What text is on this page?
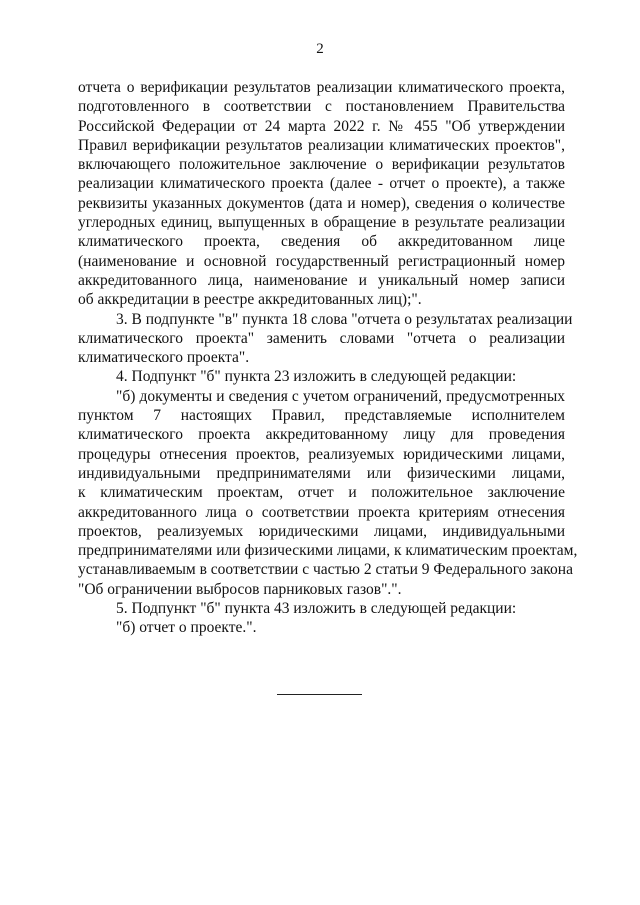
2

отчета о верификации результатов реализации климатического проекта,
подготовленного в соответствии с постановлением Правительства
Российской Федерации от 24 марта 2022 г. № 455 "Об утверждении
Правил верификации результатов реализации климатических проектов",
включающего положительное заключение о верификации результатов
реализации климатического проекта (далее - отчет о проекте), а также
реквизиты указанных документов (дата и номер), сведения о количестве
углеродных единиц, выпущенных в обращение в результате реализации
климатического проекта, сведения об аккредитованном лице
(наименование и основной государственный регистрационный номер
аккредитованного лица, наименование и уникальный номер записи
об аккредитации в реестре аккредитованных лиц);".

3. В подпункте "в" пункта 18 слова "отчета о результатах реализации
климатического проекта" заменить словами "отчета о реализации
климатического проекта".

4. Подпункт "б" пункта 23 изложить в следующей редакции:

"б) документы и сведения с учетом ограничений, предусмотренных
пунктом 7 настоящих Правил, представляемые исполнителем
климатического проекта аккредитованному лицу для проведения
процедуры отнесения проектов, реализуемых юридическими лицами,
индивидуальными предпринимателями или физическими лицами,
к климатическим проектам, отчет и положительное заключение
аккредитованного лица о соответствии проекта критериям отнесения
проектов, реализуемых юридическими лицами, индивидуальными
предпринимателями или физическими лицами, к климатическим проектам,
устанавливаемым в соответствии с частью 2 статьи 9 Федерального закона
"Об ограничении выбросов парниковых газов".".

5. Подпункт "б" пункта 43 изложить в следующей редакции:

"б) отчет о проекте.".
